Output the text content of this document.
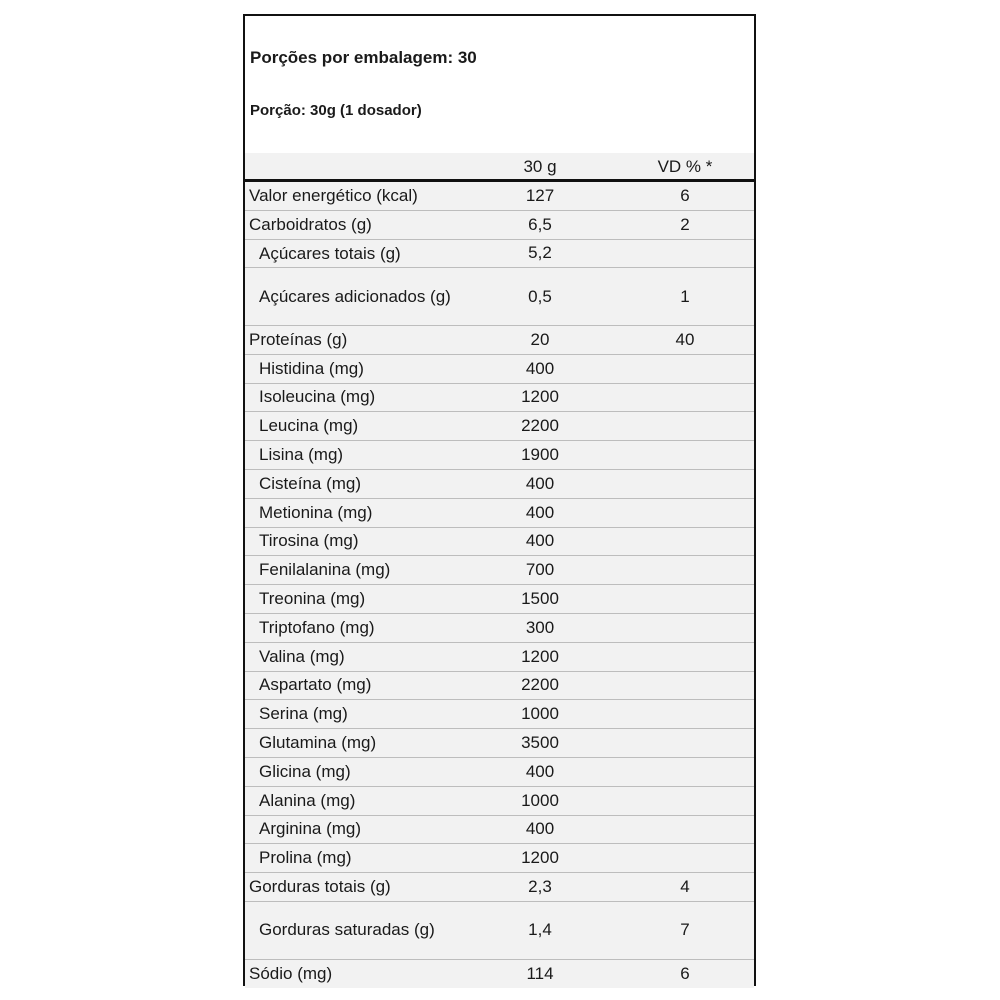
Porções por embalagem: 30
Porção: 30g (1 dosador)
30 g	VD % *
Valor energético (kcal)	127	6
Carboidratos (g)	6,5	2
Açúcares totais (g)	5,2
Açúcares adicionados (g)	0,5	1
Proteínas (g)	20	40
Histidina (mg)	400
Isoleucina (mg)	1200
Leucina (mg)	2200
Lisina (mg)	1900
Cisteína (mg)	400
Metionina (mg)	400
Tirosina (mg)	400
Fenilalanina (mg)	700
Treonina (mg)	1500
Triptofano (mg)	300
Valina (mg)	1200
Aspartato (mg)	2200
Serina (mg)	1000
Glutamina (mg)	3500
Glicina (mg)	400
Alanina (mg)	1000
Arginina (mg)	400
Prolina (mg)	1200
Gorduras totais (g)	2,3	4
Gorduras saturadas (g)	1,4	7
Sódio (mg)	114	6
